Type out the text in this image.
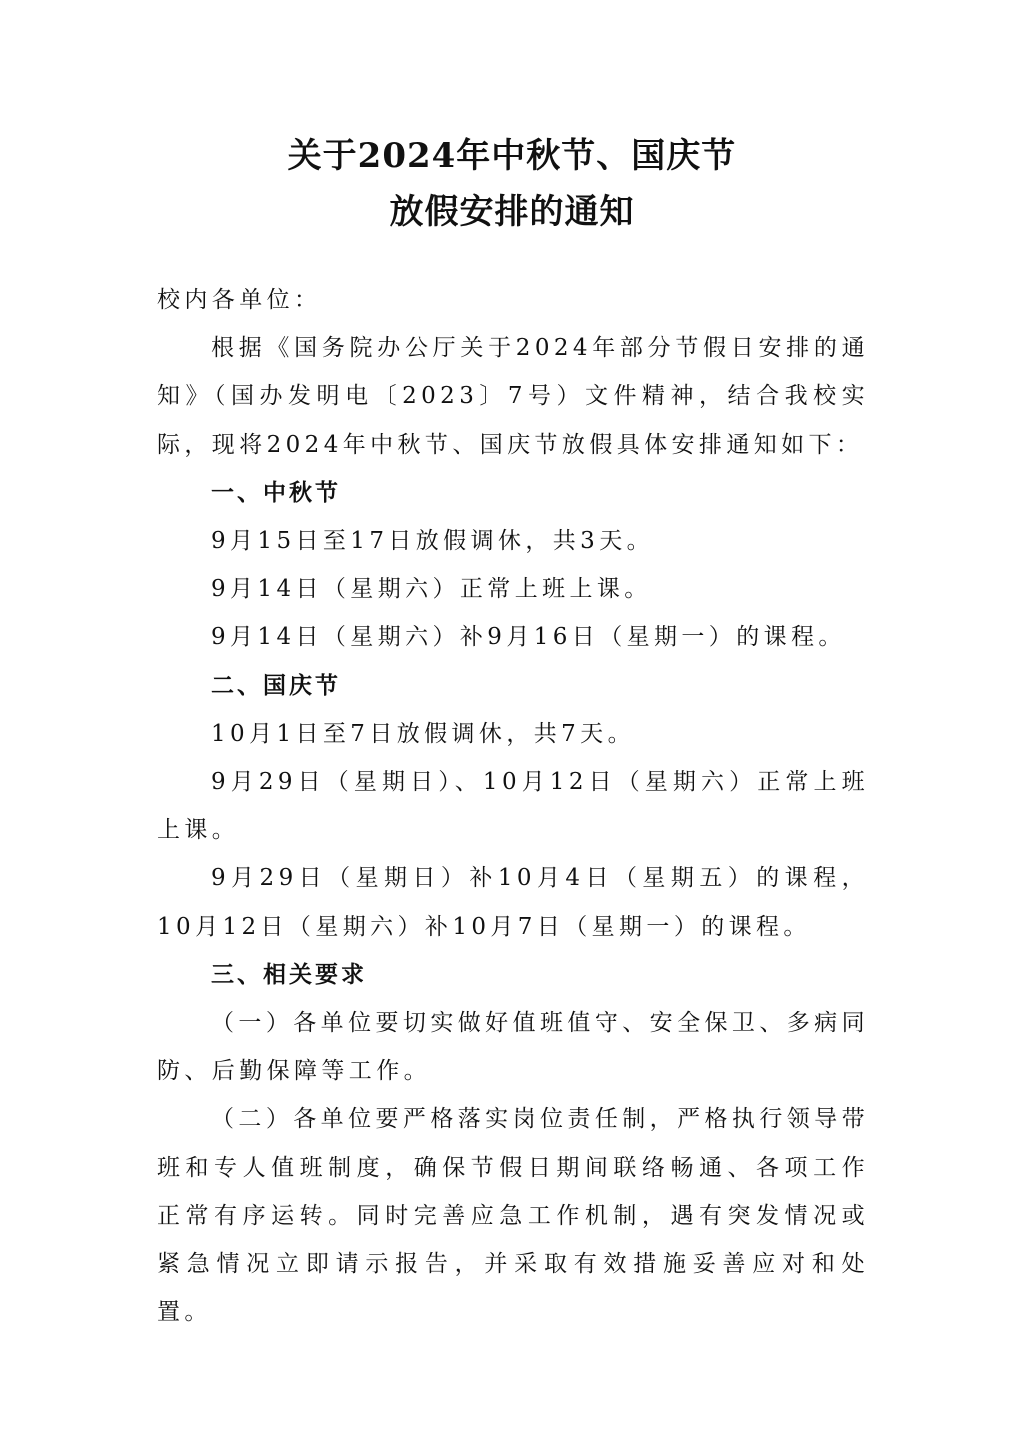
关于2024年中秋节、国庆节
放假安排的通知

校内各单位：

根据《国务院办公厅关于2024年部分节假日安排的通知》（国办发明电〔2023〕7号）文件精神，结合我校实际，现将2024年中秋节、国庆节放假具体安排通知如下：

一、中秋节

9月15日至17日放假调休，共3天。

9月14日（星期六）正常上班上课。

9月14日（星期六）补9月16日（星期一）的课程。

二、国庆节

10月1日至7日放假调休，共7天。

9月29日（星期日）、10月12日（星期六）正常上班上课。

9月29日（星期日）补10月4日（星期五）的课程，10月12日（星期六）补10月7日（星期一）的课程。

三、相关要求

（一）各单位要切实做好值班值守、安全保卫、多病同防、后勤保障等工作。

（二）各单位要严格落实岗位责任制，严格执行领导带班和专人值班制度，确保节假日期间联络畅通、各项工作正常有序运转。同时完善应急工作机制，遇有突发情况或紧急情况立即请示报告，并采取有效措施妥善应对和处置。
